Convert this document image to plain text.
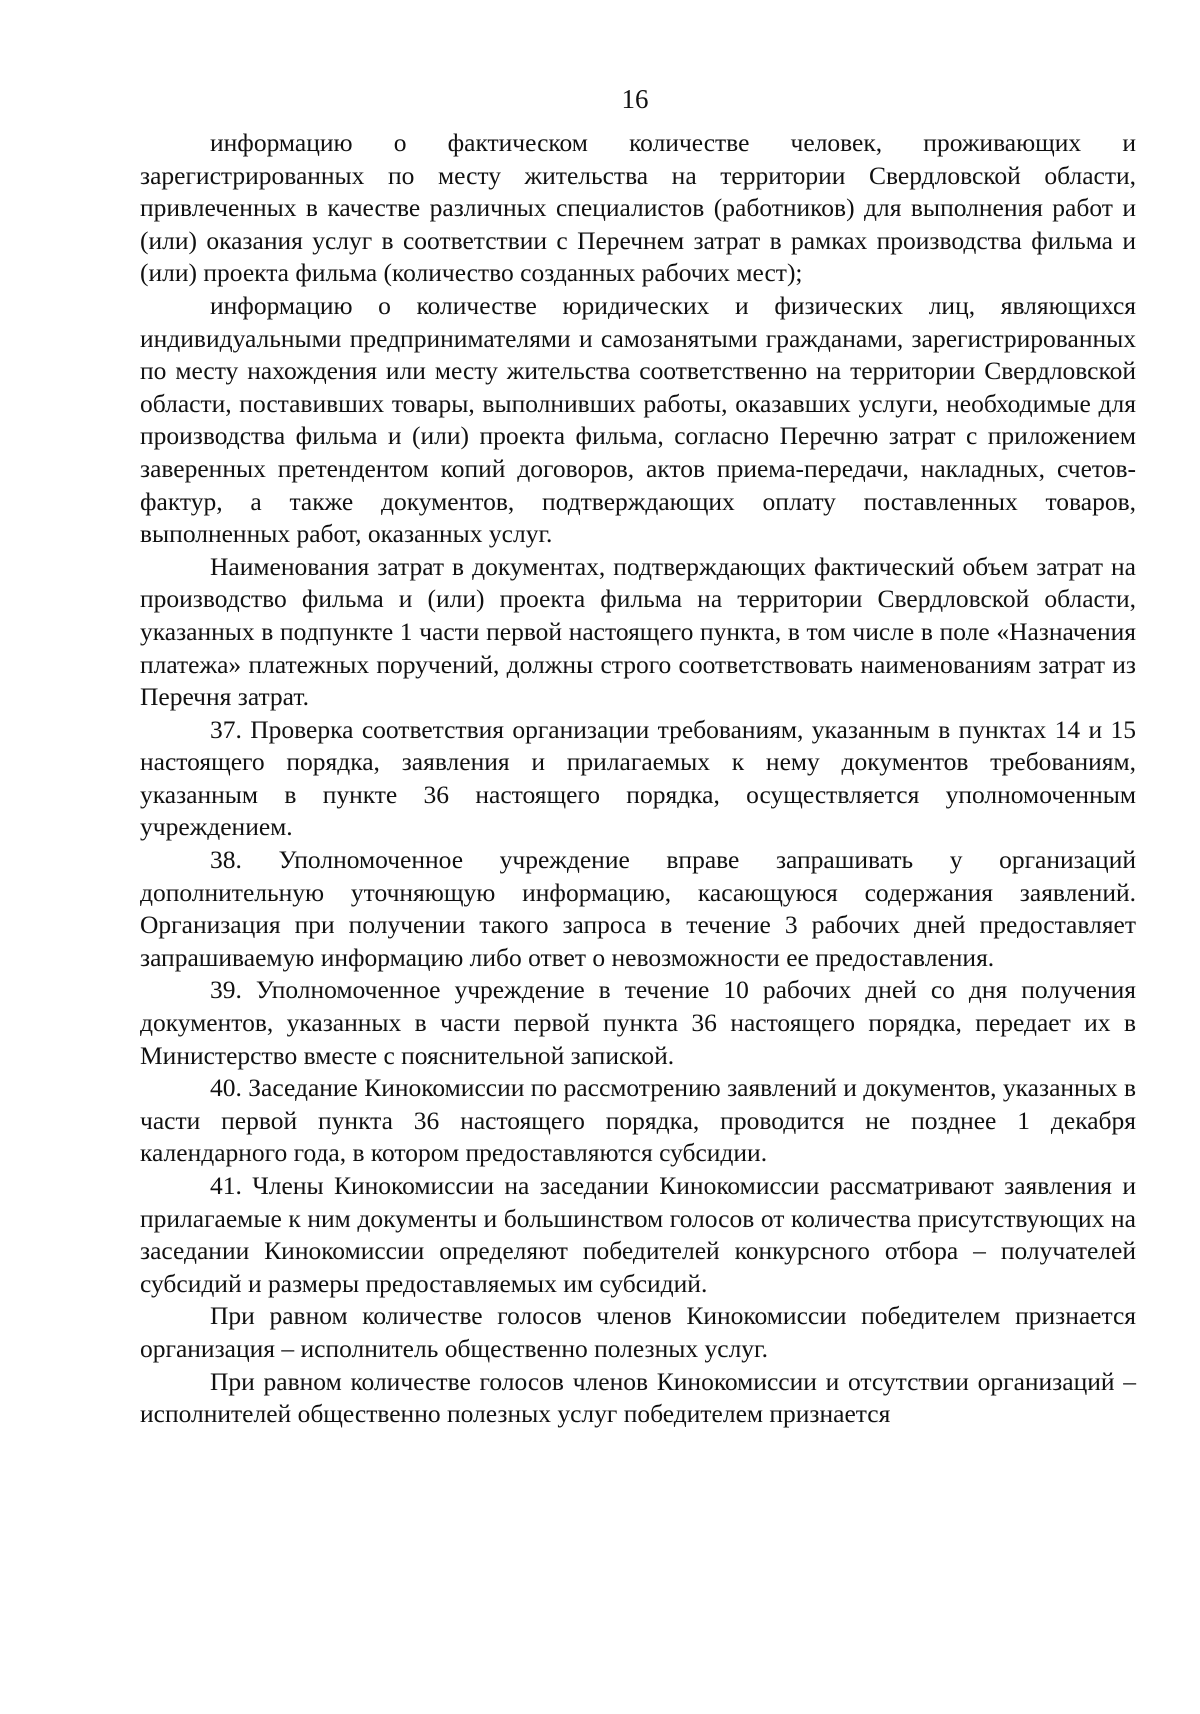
16

информацию о фактическом количестве человек, проживающих и зарегистрированных по месту жительства на территории Свердловской области, привлеченных в качестве различных специалистов (работников) для выполнения работ и (или) оказания услуг в соответствии с Перечнем затрат в рамках производства фильма и (или) проекта фильма (количество созданных рабочих мест);

информацию о количестве юридических и физических лиц, являющихся индивидуальными предпринимателями и самозанятыми гражданами, зарегистрированных по месту нахождения или месту жительства соответственно на территории Свердловской области, поставивших товары, выполнивших работы, оказавших услуги, необходимые для производства фильма и (или) проекта фильма, согласно Перечню затрат с приложением заверенных претендентом копий договоров, актов приема-передачи, накладных, счетов-фактур, а также документов, подтверждающих оплату поставленных товаров, выполненных работ, оказанных услуг.

Наименования затрат в документах, подтверждающих фактический объем затрат на производство фильма и (или) проекта фильма на территории Свердловской области, указанных в подпункте 1 части первой настоящего пункта, в том числе в поле «Назначения платежа» платежных поручений, должны строго соответствовать наименованиям затрат из Перечня затрат.

37. Проверка соответствия организации требованиям, указанным в пунктах 14 и 15 настоящего порядка, заявления и прилагаемых к нему документов требованиям, указанным в пункте 36 настоящего порядка, осуществляется уполномоченным учреждением.

38. Уполномоченное учреждение вправе запрашивать у организаций дополнительную уточняющую информацию, касающуюся содержания заявлений. Организация при получении такого запроса в течение 3 рабочих дней предоставляет запрашиваемую информацию либо ответ о невозможности ее предоставления.

39. Уполномоченное учреждение в течение 10 рабочих дней со дня получения документов, указанных в части первой пункта 36 настоящего порядка, передает их в Министерство вместе с пояснительной запиской.

40. Заседание Кинокомиссии по рассмотрению заявлений и документов, указанных в части первой пункта 36 настоящего порядка, проводится не позднее 1 декабря календарного года, в котором предоставляются субсидии.

41. Члены Кинокомиссии на заседании Кинокомиссии рассматривают заявления и прилагаемые к ним документы и большинством голосов от количества присутствующих на заседании Кинокомиссии определяют победителей конкурсного отбора – получателей субсидий и размеры предоставляемых им субсидий.

При равном количестве голосов членов Кинокомиссии победителем признается организация – исполнитель общественно полезных услуг.

При равном количестве голосов членов Кинокомиссии и отсутствии организаций – исполнителей общественно полезных услуг победителем признается
